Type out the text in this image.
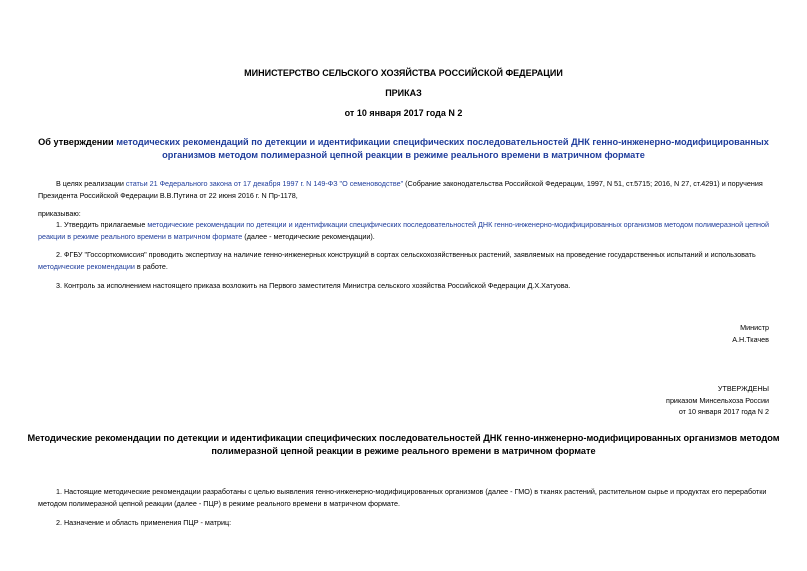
МИНИСТЕРСТВО СЕЛЬСКОГО ХОЗЯЙСТВА РОССИЙСКОЙ ФЕДЕРАЦИИ
ПРИКАЗ
от 10 января 2017 года N 2
Об утверждении методических рекомендаций по детекции и идентификации специфических последовательностей ДНК генно-инженерно-модифицированных
организмов методом полимеразной цепной реакции в режиме реального времени в матричном формате
В целях реализации статьи 21 Федерального закона от 17 декабря 1997 г. N 149-ФЗ "О семеноводстве" (Собрание законодательства Российской Федерации, 1997, N 51, ст.5715; 2016, N 27, ст.4291) и поручения
Президента Российской Федерации В.В.Путина от 22 июня 2016 г. N Пр-1178,
приказываю:
1. Утвердить прилагаемые методические рекомендации по детекции и идентификации специфических последовательностей ДНК генно-инженерно-модифицированных организмов методом полимеразной цепной
реакции в режиме реального времени в матричном формате (далее - методические рекомендации).
2. ФГБУ "Госсорткомиссия" проводить экспертизу на наличие генно-инженерных конструкций в сортах сельскохозяйственных растений, заявляемых на проведение государственных испытаний и использовать
методические рекомендации в работе.
3. Контроль за исполнением настоящего приказа возложить на Первого заместителя Министра сельского хозяйства Российской Федерации Д.Х.Хатуова.
Министр
А.Н.Ткачев
УТВЕРЖДЕНЫ
приказом Минсельхоза России
от 10 января 2017 года N 2
Методические рекомендации по детекции и идентификации специфических последовательностей ДНК генно-инженерно-модифицированных организмов методом
полимеразной цепной реакции в режиме реального времени в матричном формате
1. Настоящие методические рекомендации разработаны с целью выявления генно-инженерно-модифицированных организмов (далее - ГМО) в тканях растений, растительном сырье и продуктах его переработки
методом полимеразной цепной реакции (далее - ПЦР) в режиме реального времени в матричном формате.
2. Назначение и область применения ПЦР - матриц:
